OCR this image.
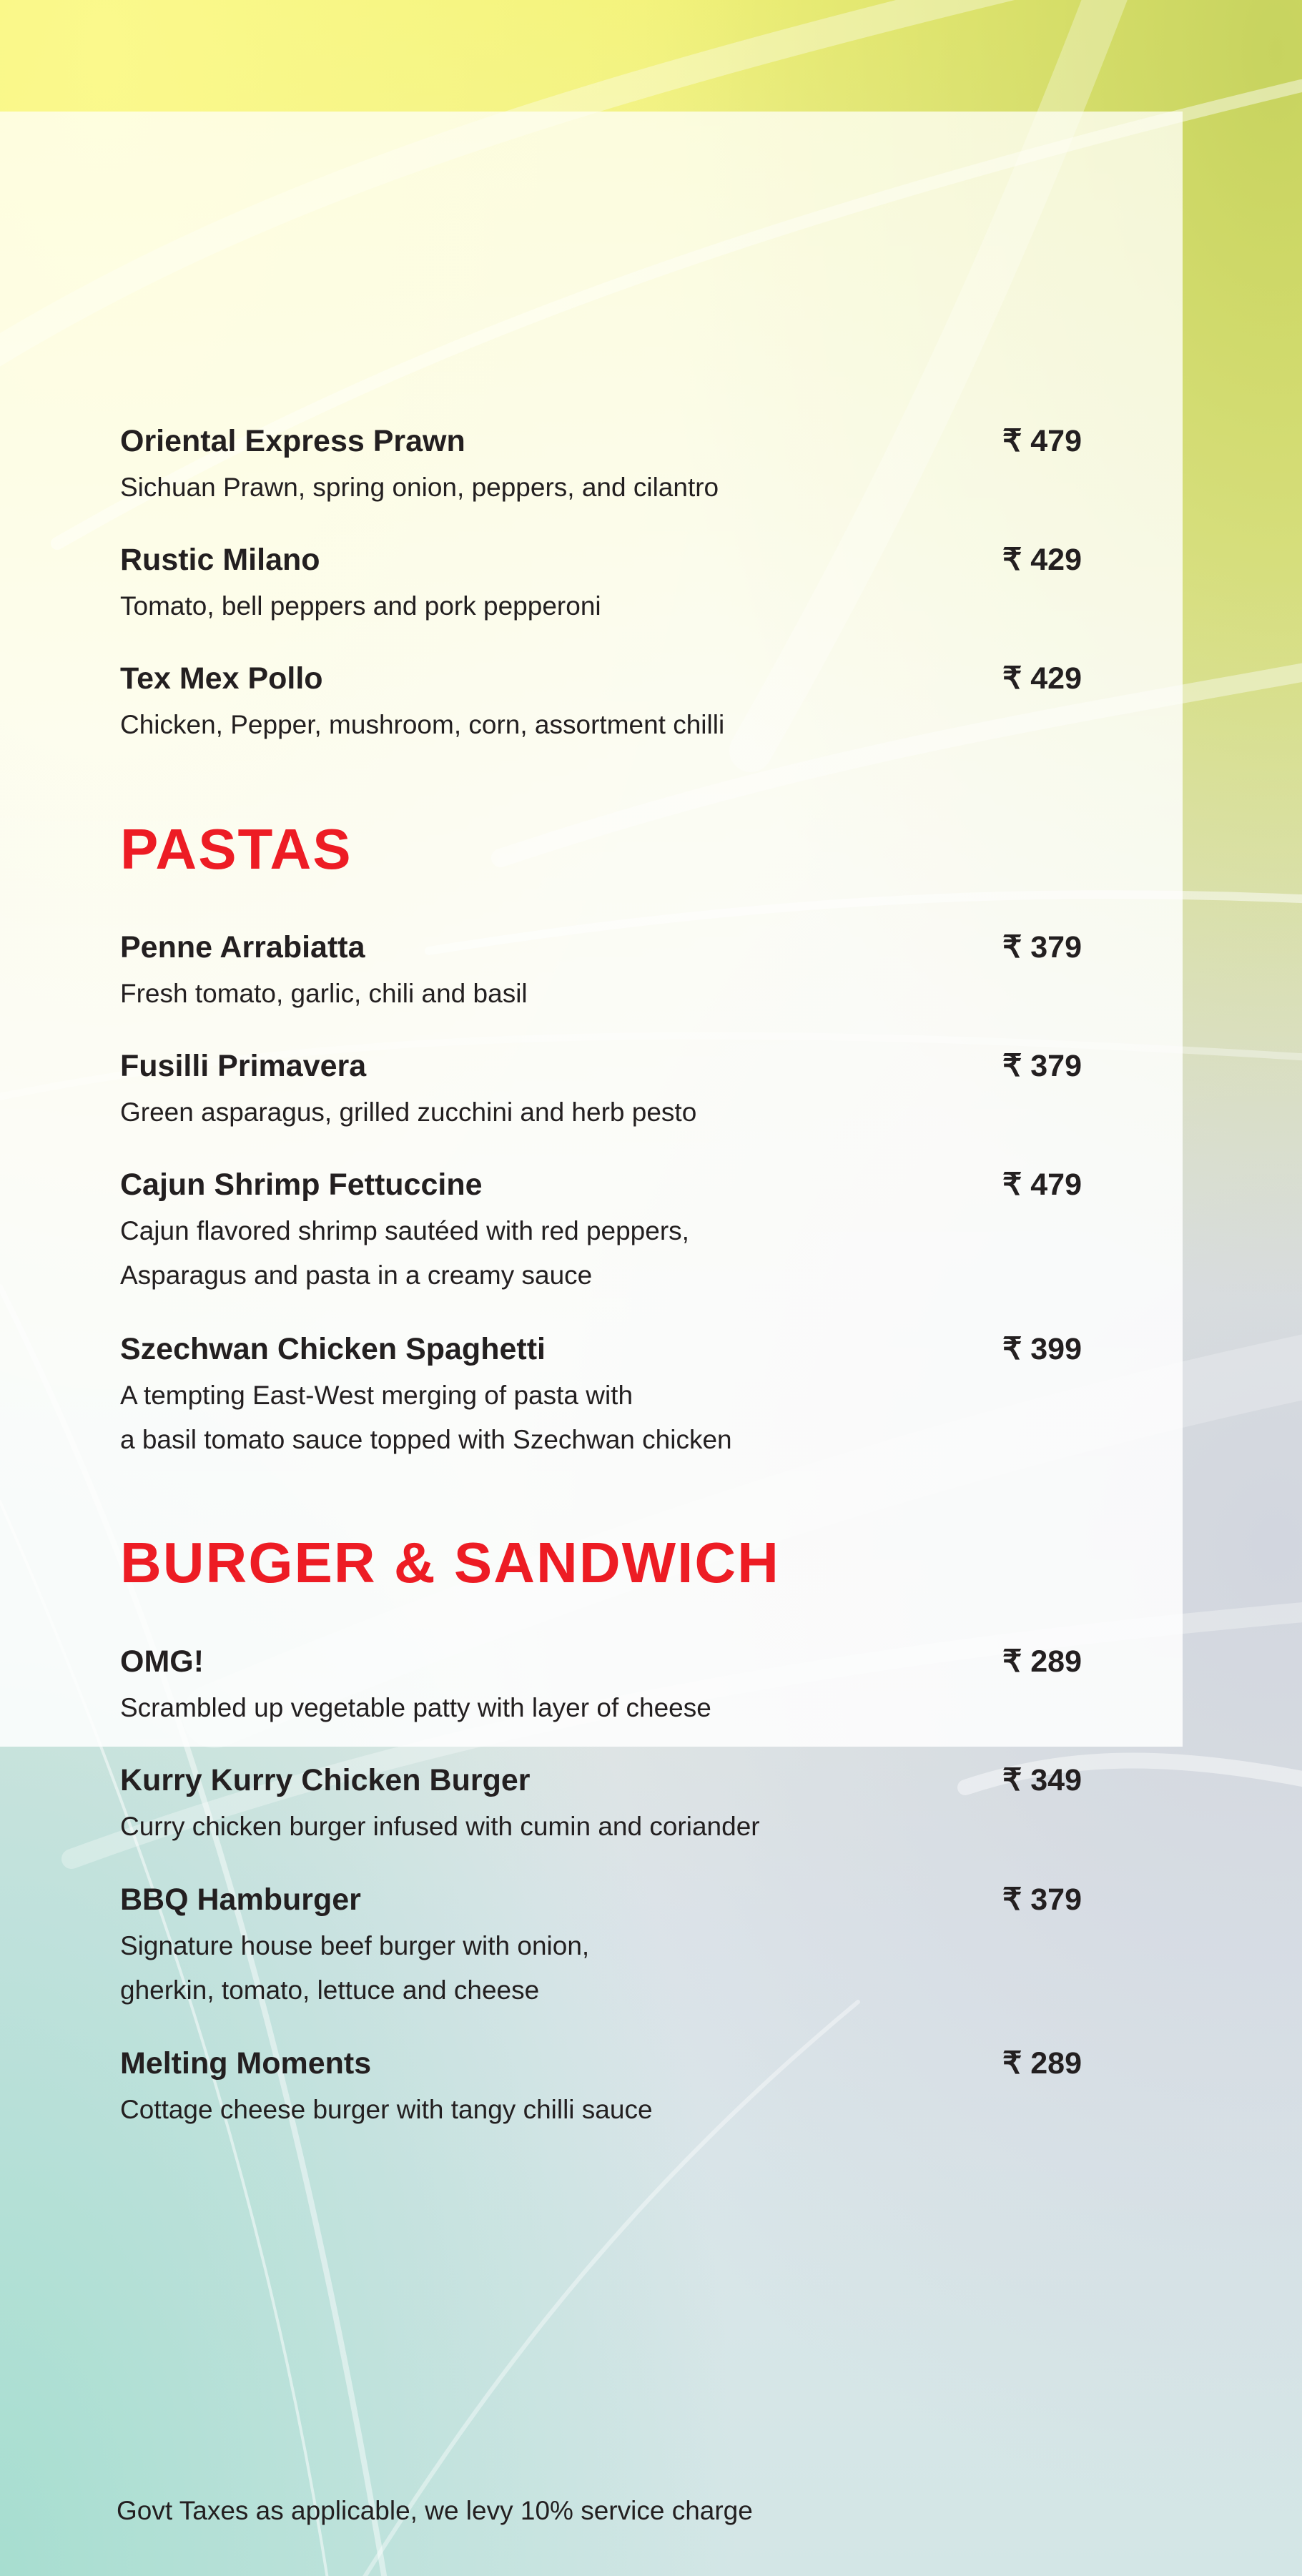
Oriental Express Prawn	₹ 479
Sichuan Prawn, spring onion, peppers, and cilantro
Rustic Milano	₹ 429
Tomato, bell peppers and pork pepperoni
Tex Mex Pollo	₹ 429
Chicken, Pepper, mushroom, corn, assortment chilli
PASTAS
Penne Arrabiatta	₹ 379
Fresh tomato, garlic, chili and basil
Fusilli Primavera	₹ 379
Green asparagus, grilled zucchini and herb pesto
Cajun Shrimp Fettuccine	₹ 479
Cajun flavored shrimp sautéed with red peppers,
Asparagus and pasta in a creamy sauce
Szechwan Chicken Spaghetti	₹ 399
A tempting East-West merging of pasta with
a basil tomato sauce topped with Szechwan chicken
BURGER & SANDWICH
OMG!	₹ 289
Scrambled up vegetable patty with layer of cheese
Kurry Kurry Chicken Burger	₹ 349
Curry chicken burger infused with cumin and coriander
BBQ Hamburger	₹ 379
Signature house beef burger with onion,
gherkin, tomato, lettuce and cheese
Melting Moments	₹ 289
Cottage cheese burger with tangy chilli sauce
Govt Taxes as applicable, we levy 10% service charge
